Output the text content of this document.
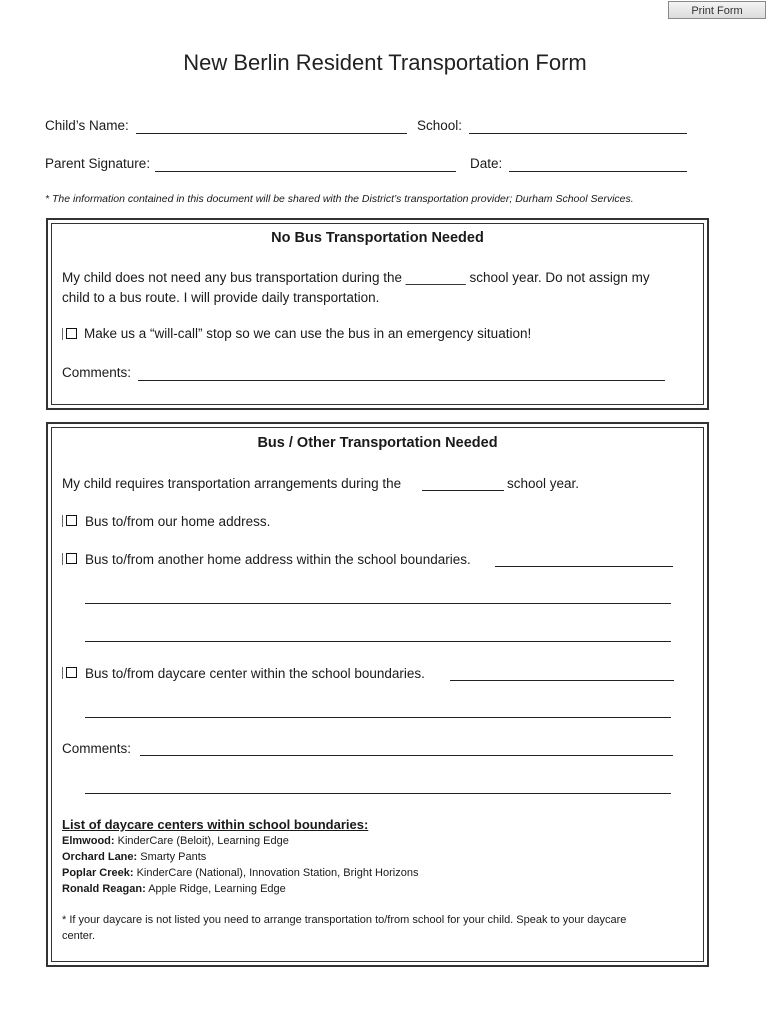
Print Form
New Berlin Resident Transportation Form
Child’s Name:	School:
Parent Signature:	Date:
* The information contained in this document will be shared with the District’s transportation provider; Durham School Services.
No Bus Transportation Needed
My child does not need any bus transportation during the ________ school year. Do not assign my
child to a bus route. I will provide daily transportation.
Make us a “will-call” stop so we can use the bus in an emergency situation!
Comments:
Bus / Other Transportation Needed
My child requires transportation arrangements during the	school year.
Bus to/from our home address.
Bus to/from another home address within the school boundaries.
Bus to/from daycare center within the school boundaries.
Comments:
List of daycare centers within school boundaries:
Elmwood: KinderCare (Beloit), Learning Edge
Orchard Lane: Smarty Pants
Poplar Creek: KinderCare (National), Innovation Station, Bright Horizons
Ronald Reagan: Apple Ridge, Learning Edge
* If your daycare is not listed you need to arrange transportation to/from school for your child. Speak to your daycare
center.
